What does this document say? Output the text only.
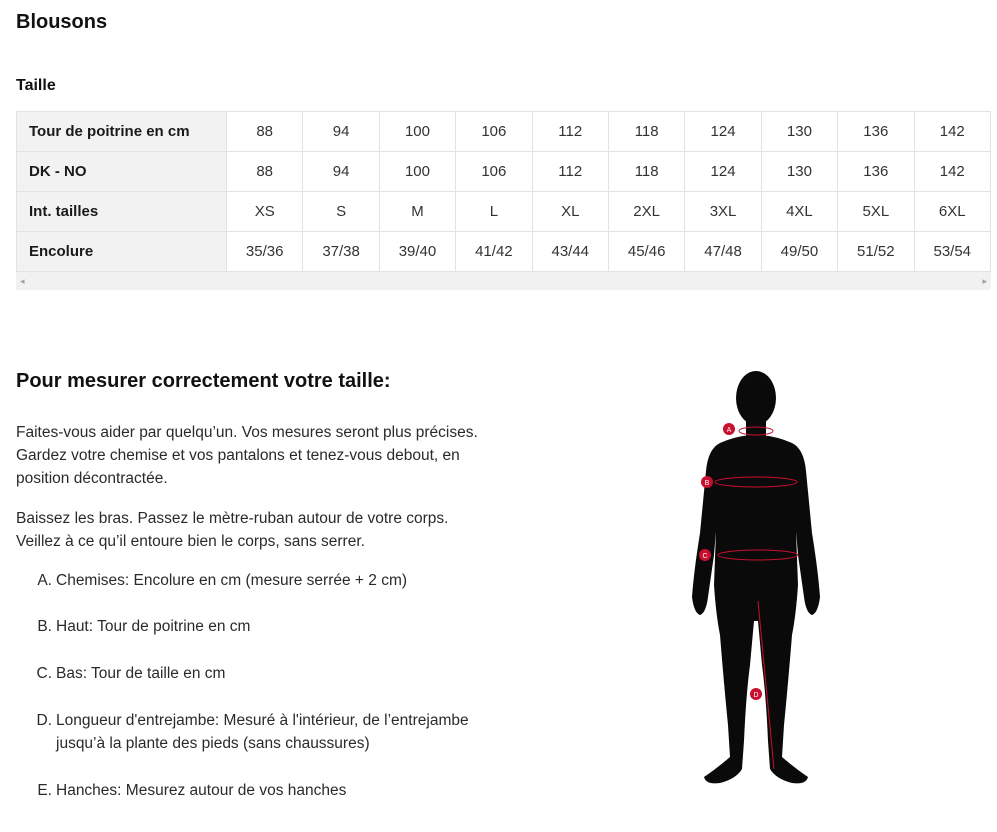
Blousons
Taille
Tour de poitrine en cm	88	94	100	106	112	118	124	130	136	142
DK - NO	88	94	100	106	112	118	124	130	136	142
Int. tailles	XS	S	M	L	XL	2XL	3XL	4XL	5XL	6XL
Encolure	35/36	37/38	39/40	41/42	43/44	45/46	47/48	49/50	51/52	53/54
◂	▸
Pour mesurer correctement votre taille:
Faites-vous aider par quelqu’un. Vos mesures seront plus précises.
Gardez votre chemise et vos pantalons et tenez-vous debout, en
position décontractée.
Baissez les bras. Passez le mètre-ruban autour de votre corps.
Veillez à ce qu’il entoure bien le corps, sans serrer.
A. Chemises: Encolure en cm (mesure serrée + 2 cm)
B. Haut: Tour de poitrine en cm
C. Bas: Tour de taille en cm
D. Longueur d'entrejambe: Mesuré à l'intérieur, de l’entrejambe
jusqu’à la plante des pieds (sans chaussures)
E. Hanches: Mesurez autour de vos hanches
A
B
C
D
